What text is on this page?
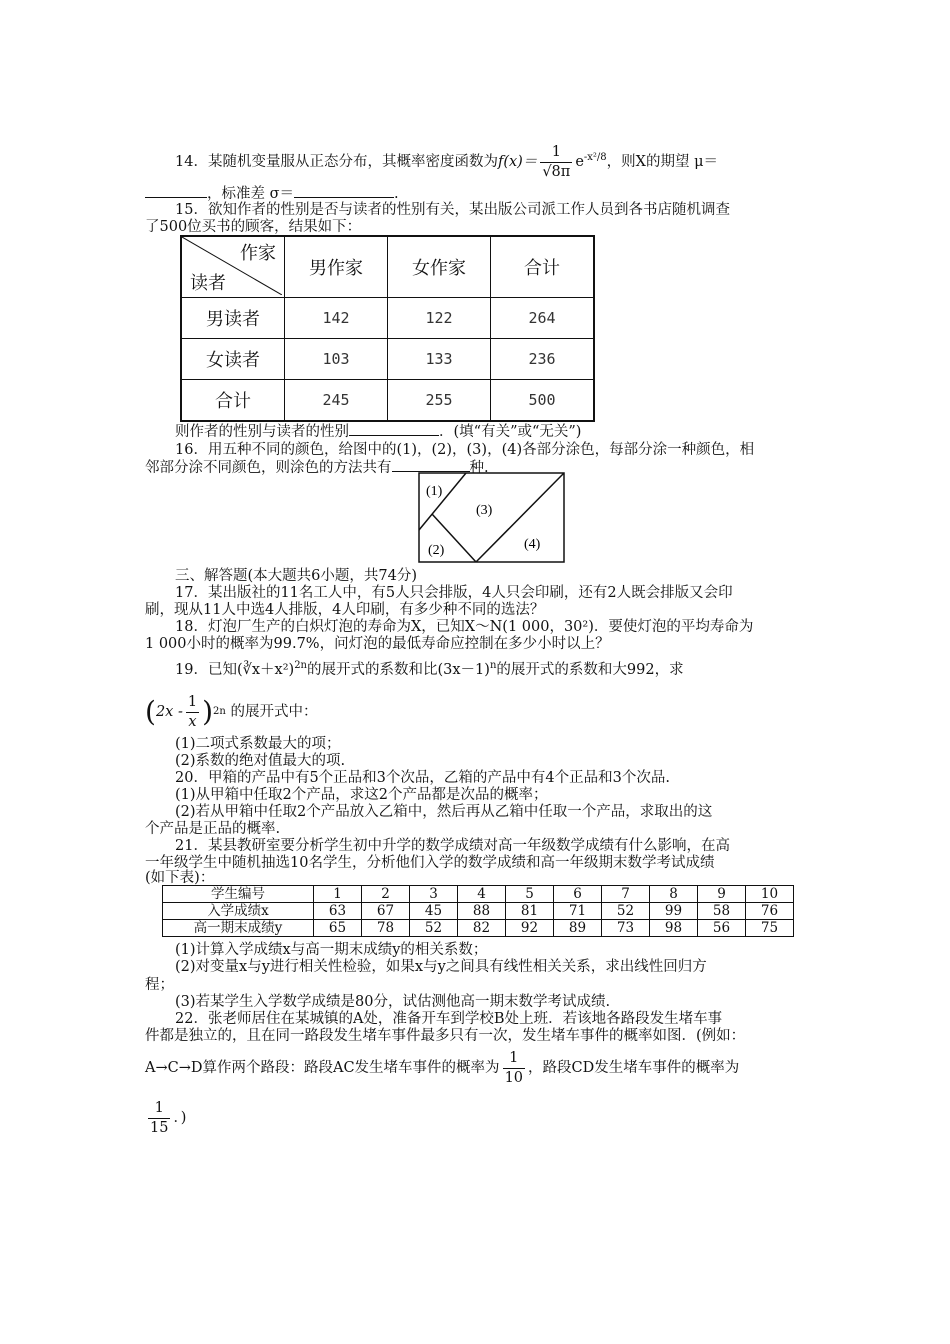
14．某随机变量服从正态分布，其概率密度函数为$f(x)= \frac{1}{√8\pi} e^{-x^2/8}$，则X的期望 μ＝
，标准差 σ＝	.
15．欲知作者的性别是否与读者的性别有关，某出版公司派工作人员到各书店随机调查
了500位买书的顾客，结果如下：
作家
读者	男作家	女作家	合计
男读者	142	122	264
女读者	103	133	236
合计	245	255	500
则作者的性别与读者的性别	．(填“有关”或“无关”)
16．用五种不同的颜色，给图中的(1)，(2)，(3)，(4)各部分涂色，每部分涂一种颜色，相
邻部分涂不同颜色，则涂色的方法共有	种.
(1)
(2)
(3)
(4)
三、解答题(本大题共6小题，共74分)
17．某出版社的11名工人中，有5人只会排版，4人只会印刷，还有2人既会排版又会印
刷，现从11人中选4人排版，4人印刷，有多少种不同的选法？
18．灯泡厂生产的白炽灯泡的寿命为X，已知X～N(1 000，30²)．要使灯泡的平均寿命为
1 000小时的概率为99.7%，问灯泡的最低寿命应控制在多少小时以上？
19．已知(∛x＋x²)$^{2n}$的展开式的系数和比$(3x-1)^n$的展开式的系数和大992，求
$(2x - \frac{1}{x} )^{2n}$ 的展开式中：
(1)二项式系数最大的项；
(2)系数的绝对值最大的项.
20．甲箱的产品中有5个正品和3个次品，乙箱的产品中有4个正品和3个次品.
(1)从甲箱中任取2个产品，求这2个产品都是次品的概率；
(2)若从甲箱中任取2个产品放入乙箱中，然后再从乙箱中任取一个产品，求取出的这
个产品是正品的概率.
21．某县教研室要分析学生初中升学的数学成绩对高一年级数学成绩有什么影响，在高
一年级学生中随机抽选10名学生，分析他们入学的数学成绩和高一年级期末数学考试成绩
(如下表)：
学生编号	1	2	3	4	5	6	7	8	9	10
入学成绩x	63	67	45	88	81	71	52	99	58	76
高一期末成绩y	65	78	52	82	92	89	73	98	56	75
(1)计算入学成绩x与高一期末成绩y的相关系数；
(2)对变量x与y进行相关性检验，如果x与y之间具有线性相关关系，求出线性回归方
程；
(3)若某学生入学数学成绩是80分，试估测他高一期末数学考试成绩.
22．张老师居住在某城镇的A处，准备开车到学校B处上班．若该地各路段发生堵车事
件都是独立的，且在同一路段发生堵车事件最多只有一次，发生堵车事件的概率如图．(例如：
A→C→D算作两个路段：路段AC发生堵车事件的概率为 $\frac{1}{10}$ ，路段CD发生堵车事件的概率为
$\frac{1}{15}$ ．)
